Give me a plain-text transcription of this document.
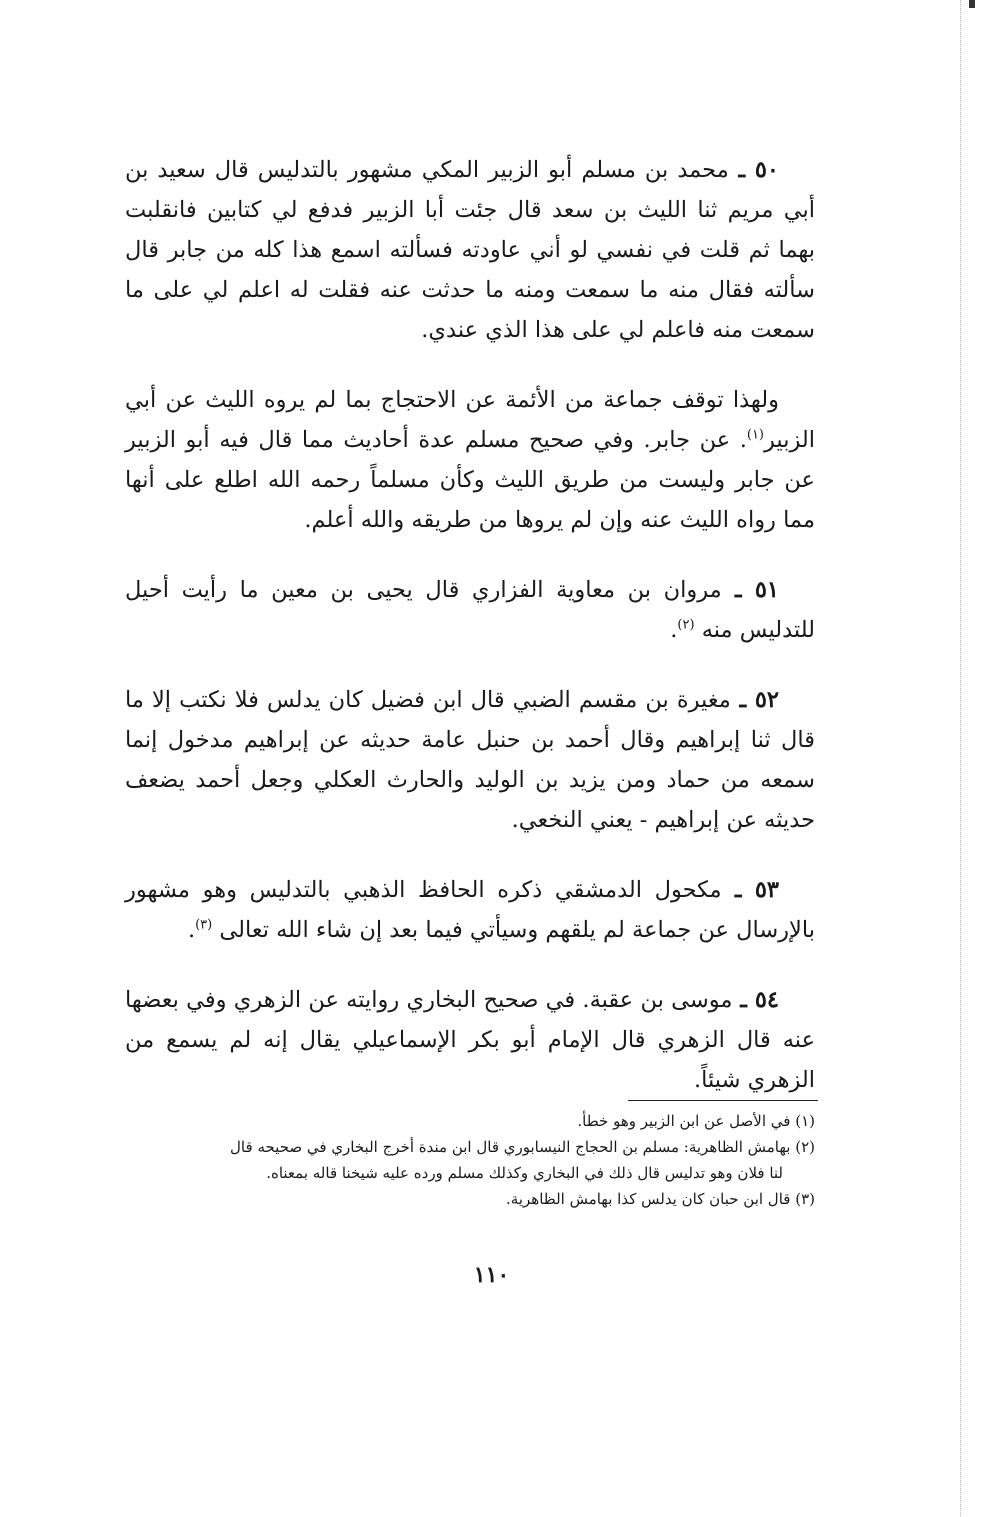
٥٠ ـ محمد بن مسلم أبو الزبير المكي مشهور بالتدليس قال سعيد بن أبي مريم ثنا الليث بن سعد قال جئت أبا الزبير فدفع لي كتابين فانقلبت بهما ثم قلت في نفسي لو أني عاودته فسألته اسمع هذا كله من جابر قال سألته فقال منه ما سمعت ومنه ما حدثت عنه فقلت له اعلم لي على ما سمعت منه فاعلم لي على هذا الذي عندي.

ولهذا توقف جماعة من الأئمة عن الاحتجاج بما لم يروه الليث عن أبي الزبير$^{(١)}$. عن جابر. وفي صحيح مسلم عدة أحاديث مما قال فيه أبو الزبير عن جابر وليست من طريق الليث وكأن مسلماً رحمه الله اطلع على أنها مما رواه الليث عنه وإن لم يروها من طريقه والله أعلم.

٥١ ـ مروان بن معاوية الفزاري قال يحيى بن معين ما رأيت أحيل للتدليس منه $^{(٢)}$.

٥٢ ـ مغيرة بن مقسم الضبي قال ابن فضيل كان يدلس فلا نكتب إلا ما قال ثنا إبراهيم وقال أحمد بن حنبل عامة حديثه عن إبراهيم مدخول إنما سمعه من حماد ومن يزيد بن الوليد والحارث العكلي وجعل أحمد يضعف حديثه عن إبراهيم - يعني النخعي.

٥٣ ـ مكحول الدمشقي ذكره الحافظ الذهبي بالتدليس وهو مشهور بالإرسال عن جماعة لم يلقهم وسيأتي فيما بعد إن شاء الله تعالى $^{(٣)}$.

٥٤ ـ موسى بن عقبة. في صحيح البخاري روايته عن الزهري وفي بعضها عنه قال الزهري قال الإمام أبو بكر الإسماعيلي يقال إنه لم يسمع من الزهري شيئاً.

(١) في الأصل عن ابن الزبير وهو خطأ.

(٢) بهامش الظاهرية: مسلم بن الحجاج النيسابوري قال ابن مندة أخرج البخاري في صحيحه قال
لنا فلان وهو تدليس قال ذلك في البخاري وكذلك مسلم ورده عليه شيخنا قاله بمعناه.

(٣) قال ابن حبان كان يدلس كذا بهامش الظاهرية.

١١٠
